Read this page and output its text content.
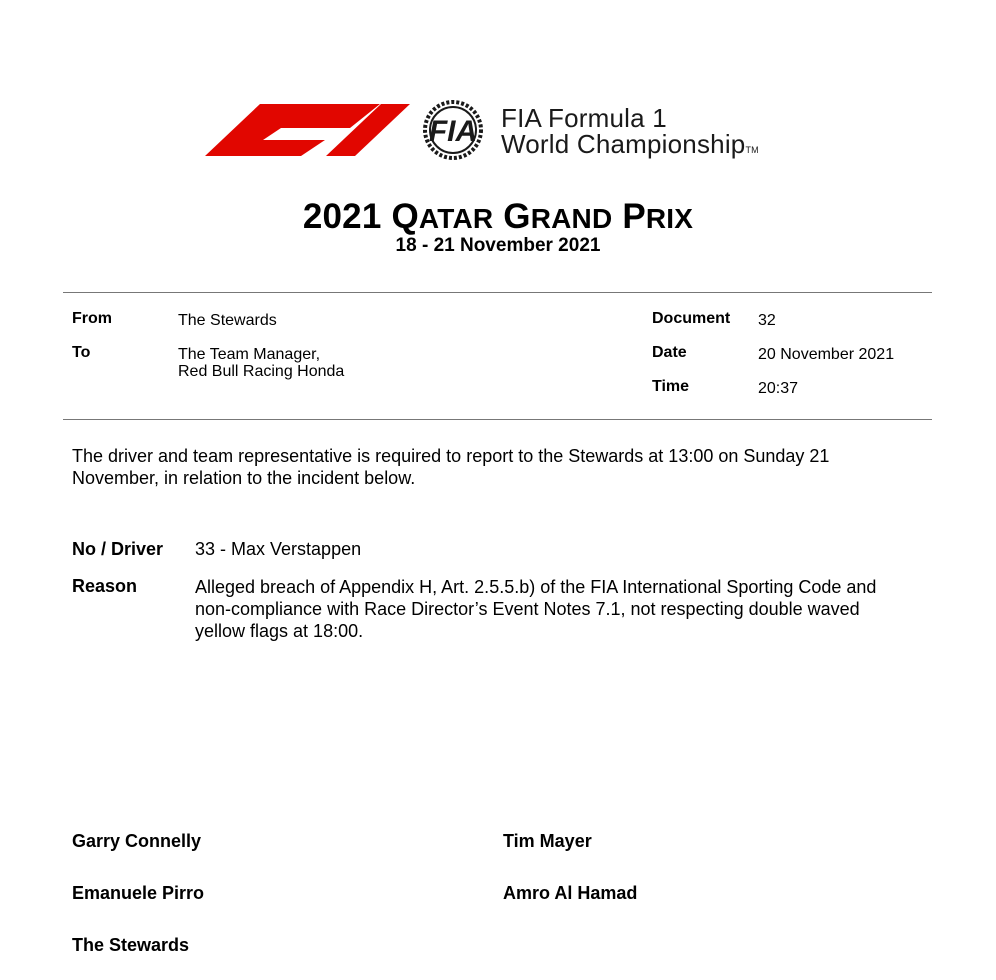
FIA FIA Formula 1
World ChampionshipTM
2021 QATAR GRAND PRIX
18 - 21 November 2021
From	The Stewards
To	The Team Manager,
Red Bull Racing Honda
Document 32
Date	20 November 2021
Time	20:37
The driver and team representative is required to report to the Stewards at 13:00 on Sunday 21
November, in relation to the incident below.
No / Driver 33 - Max Verstappen
Reason	Alleged breach of Appendix H, Art. 2.5.5.b) of the FIA International Sporting Code and
non-compliance with Race Director’s Event Notes 7.1, not respecting double waved
yellow flags at 18:00.
Garry Connelly	Tim Mayer
Emanuele Pirro	Amro Al Hamad
The Stewards
